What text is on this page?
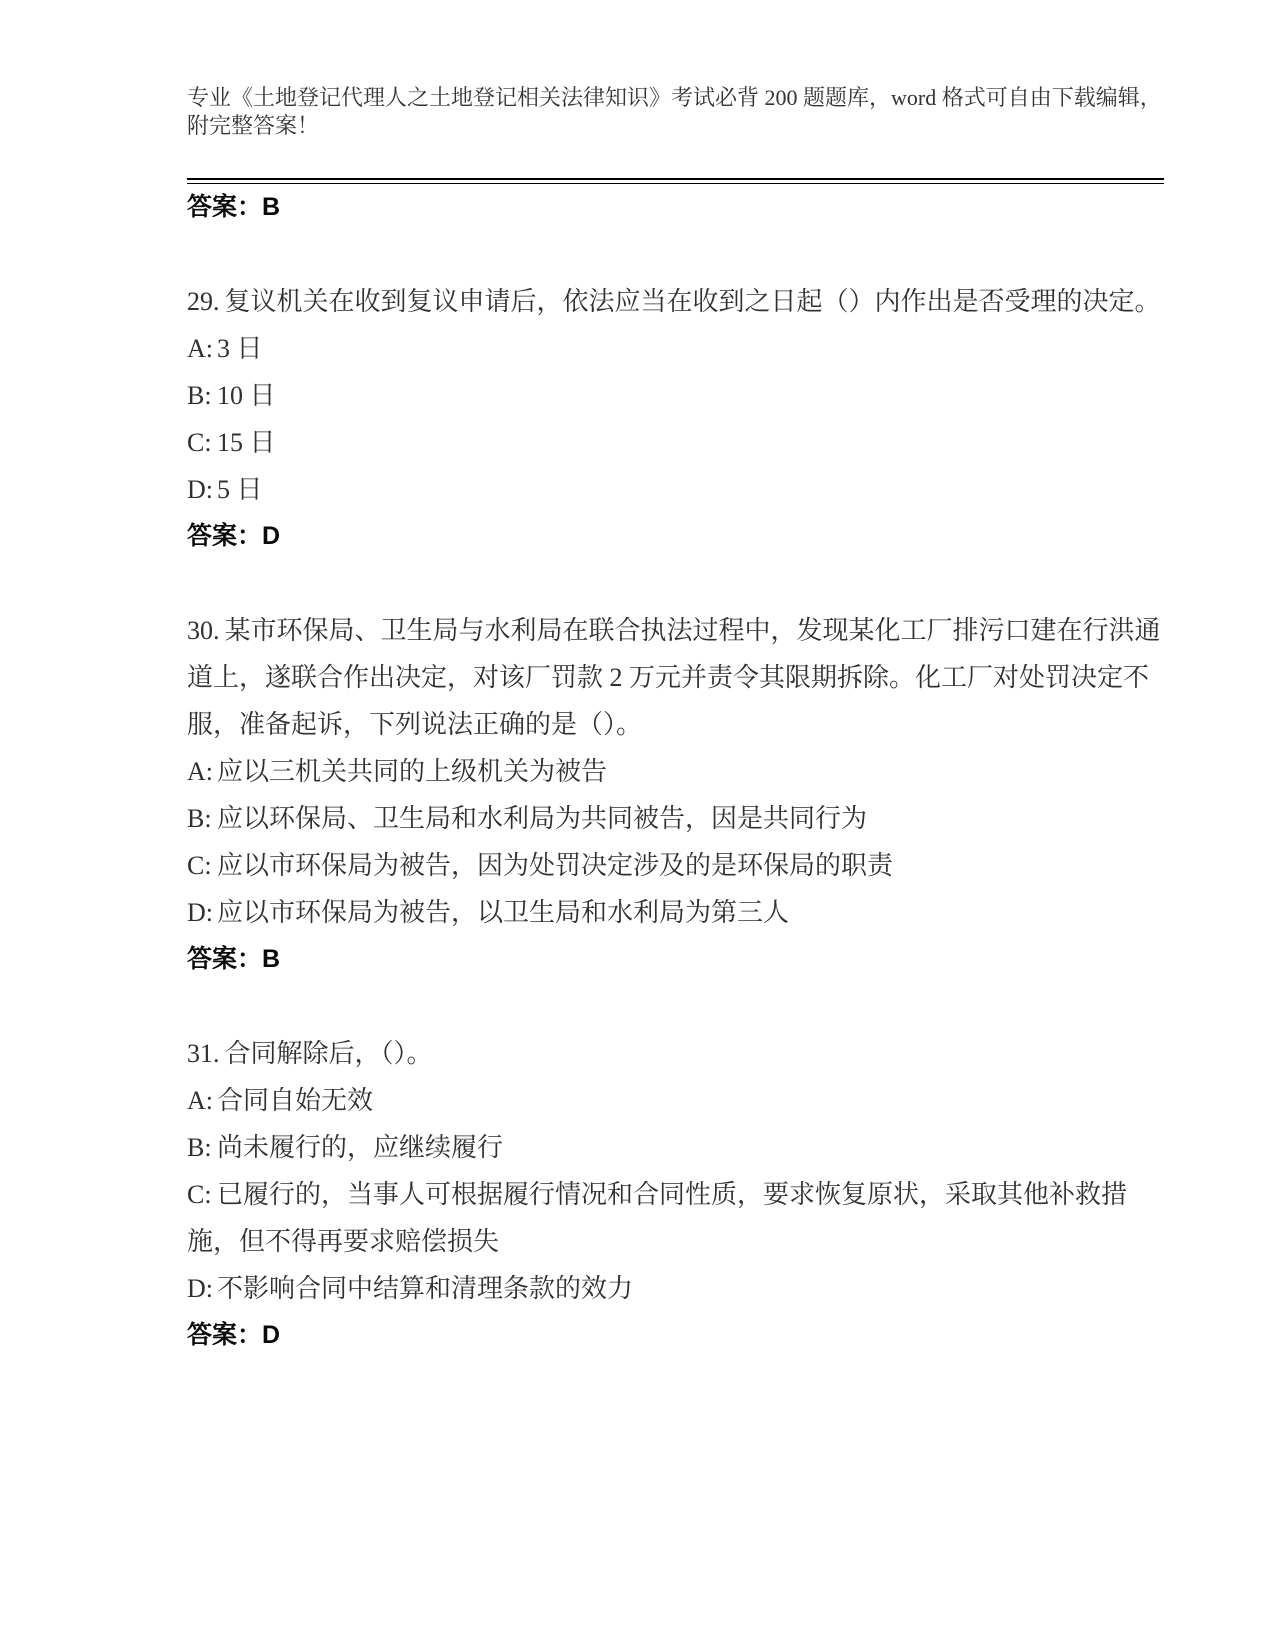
专业《土地登记代理人之土地登记相关法律知识》考试必背 200 题题库，word 格式可自由下载编辑，附完整答案！

答案：B

29. 复议机关在收到复议申请后，依法应当在收到之日起（）内作出是否受理的决定。

A: 3 日

B: 10 日

C: 15 日

D: 5 日

答案：D

30. 某市环保局、卫生局与水利局在联合执法过程中，发现某化工厂排污口建在行洪通道上，遂联合作出决定，对该厂罚款 2 万元并责令其限期拆除。化工厂对处罚决定不服，准备起诉，下列说法正确的是（）。

A: 应以三机关共同的上级机关为被告

B: 应以环保局、卫生局和水利局为共同被告，因是共同行为

C: 应以市环保局为被告，因为处罚决定涉及的是环保局的职责

D: 应以市环保局为被告，以卫生局和水利局为第三人

答案：B

31. 合同解除后，（）。

A: 合同自始无效

B: 尚未履行的，应继续履行

C: 已履行的，当事人可根据履行情况和合同性质，要求恢复原状，采取其他补救措施，但不得再要求赔偿损失

D: 不影响合同中结算和清理条款的效力

答案：D
